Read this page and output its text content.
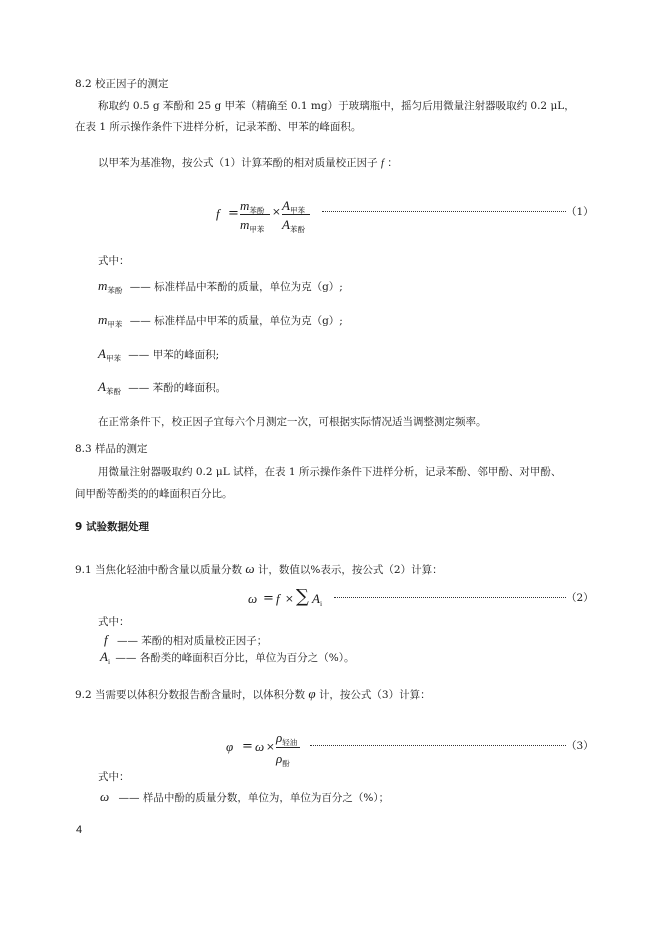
8.2 校正因子的测定
称取约 0.5 g 苯酚和 25 g 甲苯（精确至 0.1 mg）于玻璃瓶中，摇匀后用微量注射器吸取约 0.2 μL，
在表 1 所示操作条件下进样分析，记录苯酚、甲苯的峰面积。
以甲苯为基准物，按公式（1）计算苯酚的相对质量校正因子 f ：
f =
$m_{苯酚}$
$m_{甲苯}$
× $A_{甲苯}$
$A_{苯酚}$
（1）
式中：
$m_{苯酚}$ —— 标准样品中苯酚的质量，单位为克（g）;
$m_{甲苯}$ —— 标准样品中甲苯的质量，单位为克（g）;
$A_{甲苯}$ —— 甲苯的峰面积;
$A_{苯酚}$ —— 苯酚的峰面积。
在正常条件下，校正因子宜每六个月测定一次，可根据实际情况适当调整测定频率。
8.3 样品的测定
用微量注射器吸取约 0.2 μL 试样，在表 1 所示操作条件下进样分析，记录苯酚、邻甲酚、对甲酚、
间甲酚等酚类的的峰面积百分比。
9 试验数据处理
9.1 当焦化轻油中酚含量以质量分数 ω 计，数值以%表示，按公式（2）计算：
ω = f × ∑ $A_i$	（2）
式中：
f —— 苯酚的相对质量校正因子；
$A_i$ —— 各酚类的峰面积百分比，单位为百分之（%）。
9.2 当需要以体积分数报告酚含量时，以体积分数 φ 计，按公式（3）计算：
φ = ω ×
$\rho_{轻油}$
$\rho_酚$
（3）
式中：
ω —— 样品中酚的质量分数，单位为，单位为百分之（%）；
4
